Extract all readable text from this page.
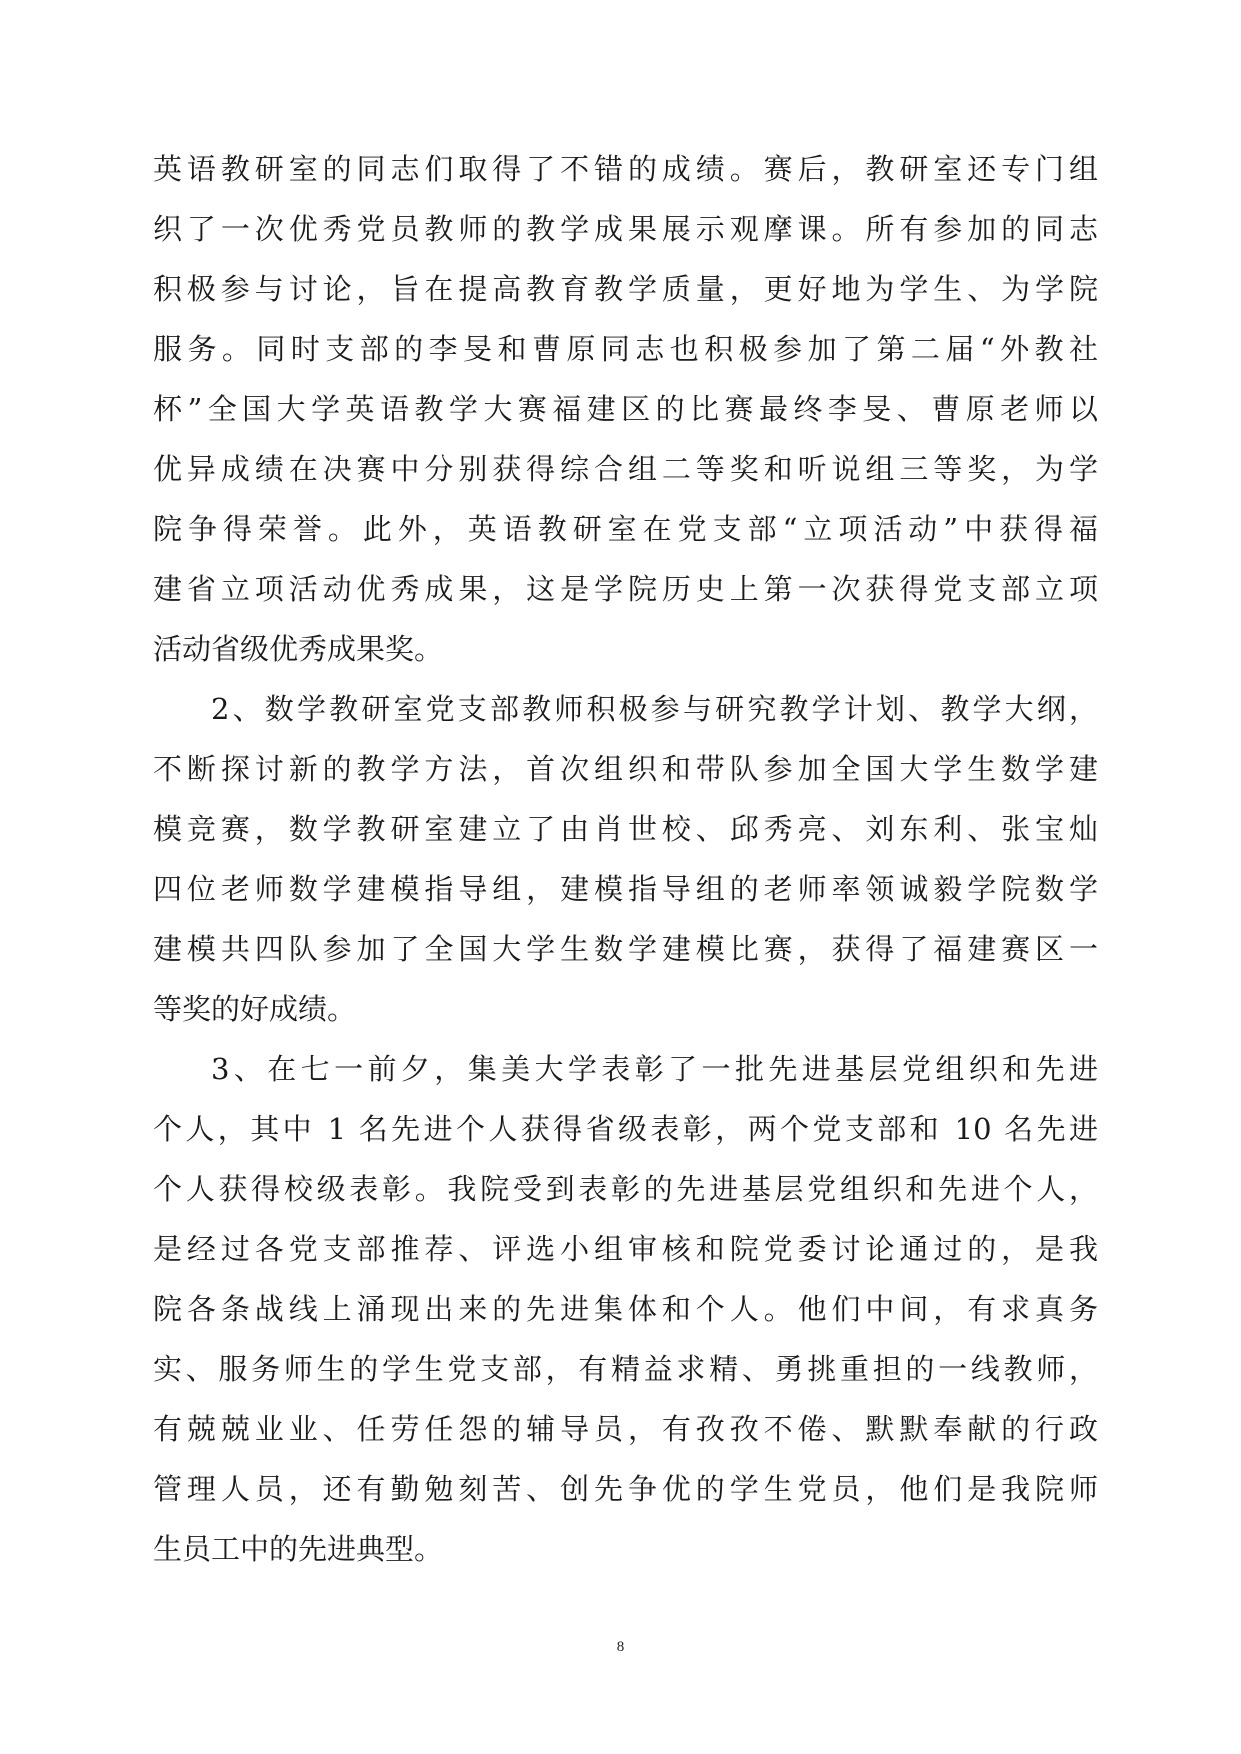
英语教研室的同志们取得了不错的成绩。赛后，教研室还专门组
织了一次优秀党员教师的教学成果展示观摩课。所有参加的同志
积极参与讨论，旨在提高教育教学质量，更好地为学生、为学院
服务。同时支部的李旻和曹原同志也积极参加了第二届“外教社
杯”全国大学英语教学大赛福建区的比赛最终李旻、曹原老师以
优异成绩在决赛中分别获得综合组二等奖和听说组三等奖，为学
院争得荣誉。此外，英语教研室在党支部“立项活动”中获得福
建省立项活动优秀成果，这是学院历史上第一次获得党支部立项
活动省级优秀成果奖。
2、数学教研室党支部教师积极参与研究教学计划、教学大纲，
不断探讨新的教学方法，首次组织和带队参加全国大学生数学建
模竞赛，数学教研室建立了由肖世校、邱秀亮、刘东利、张宝灿
四位老师数学建模指导组，建模指导组的老师率领诚毅学院数学
建模共四队参加了全国大学生数学建模比赛，获得了福建赛区一
等奖的好成绩。
3、在七一前夕，集美大学表彰了一批先进基层党组织和先进
个人，其中 1 名先进个人获得省级表彰，两个党支部和 10 名先进
个人获得校级表彰。我院受到表彰的先进基层党组织和先进个人，
是经过各党支部推荐、评选小组审核和院党委讨论通过的，是我
院各条战线上涌现出来的先进集体和个人。他们中间，有求真务
实、服务师生的学生党支部，有精益求精、勇挑重担的一线教师，
有兢兢业业、任劳任怨的辅导员，有孜孜不倦、默默奉献的行政
管理人员，还有勤勉刻苦、创先争优的学生党员，他们是我院师
生员工中的先进典型。
8
